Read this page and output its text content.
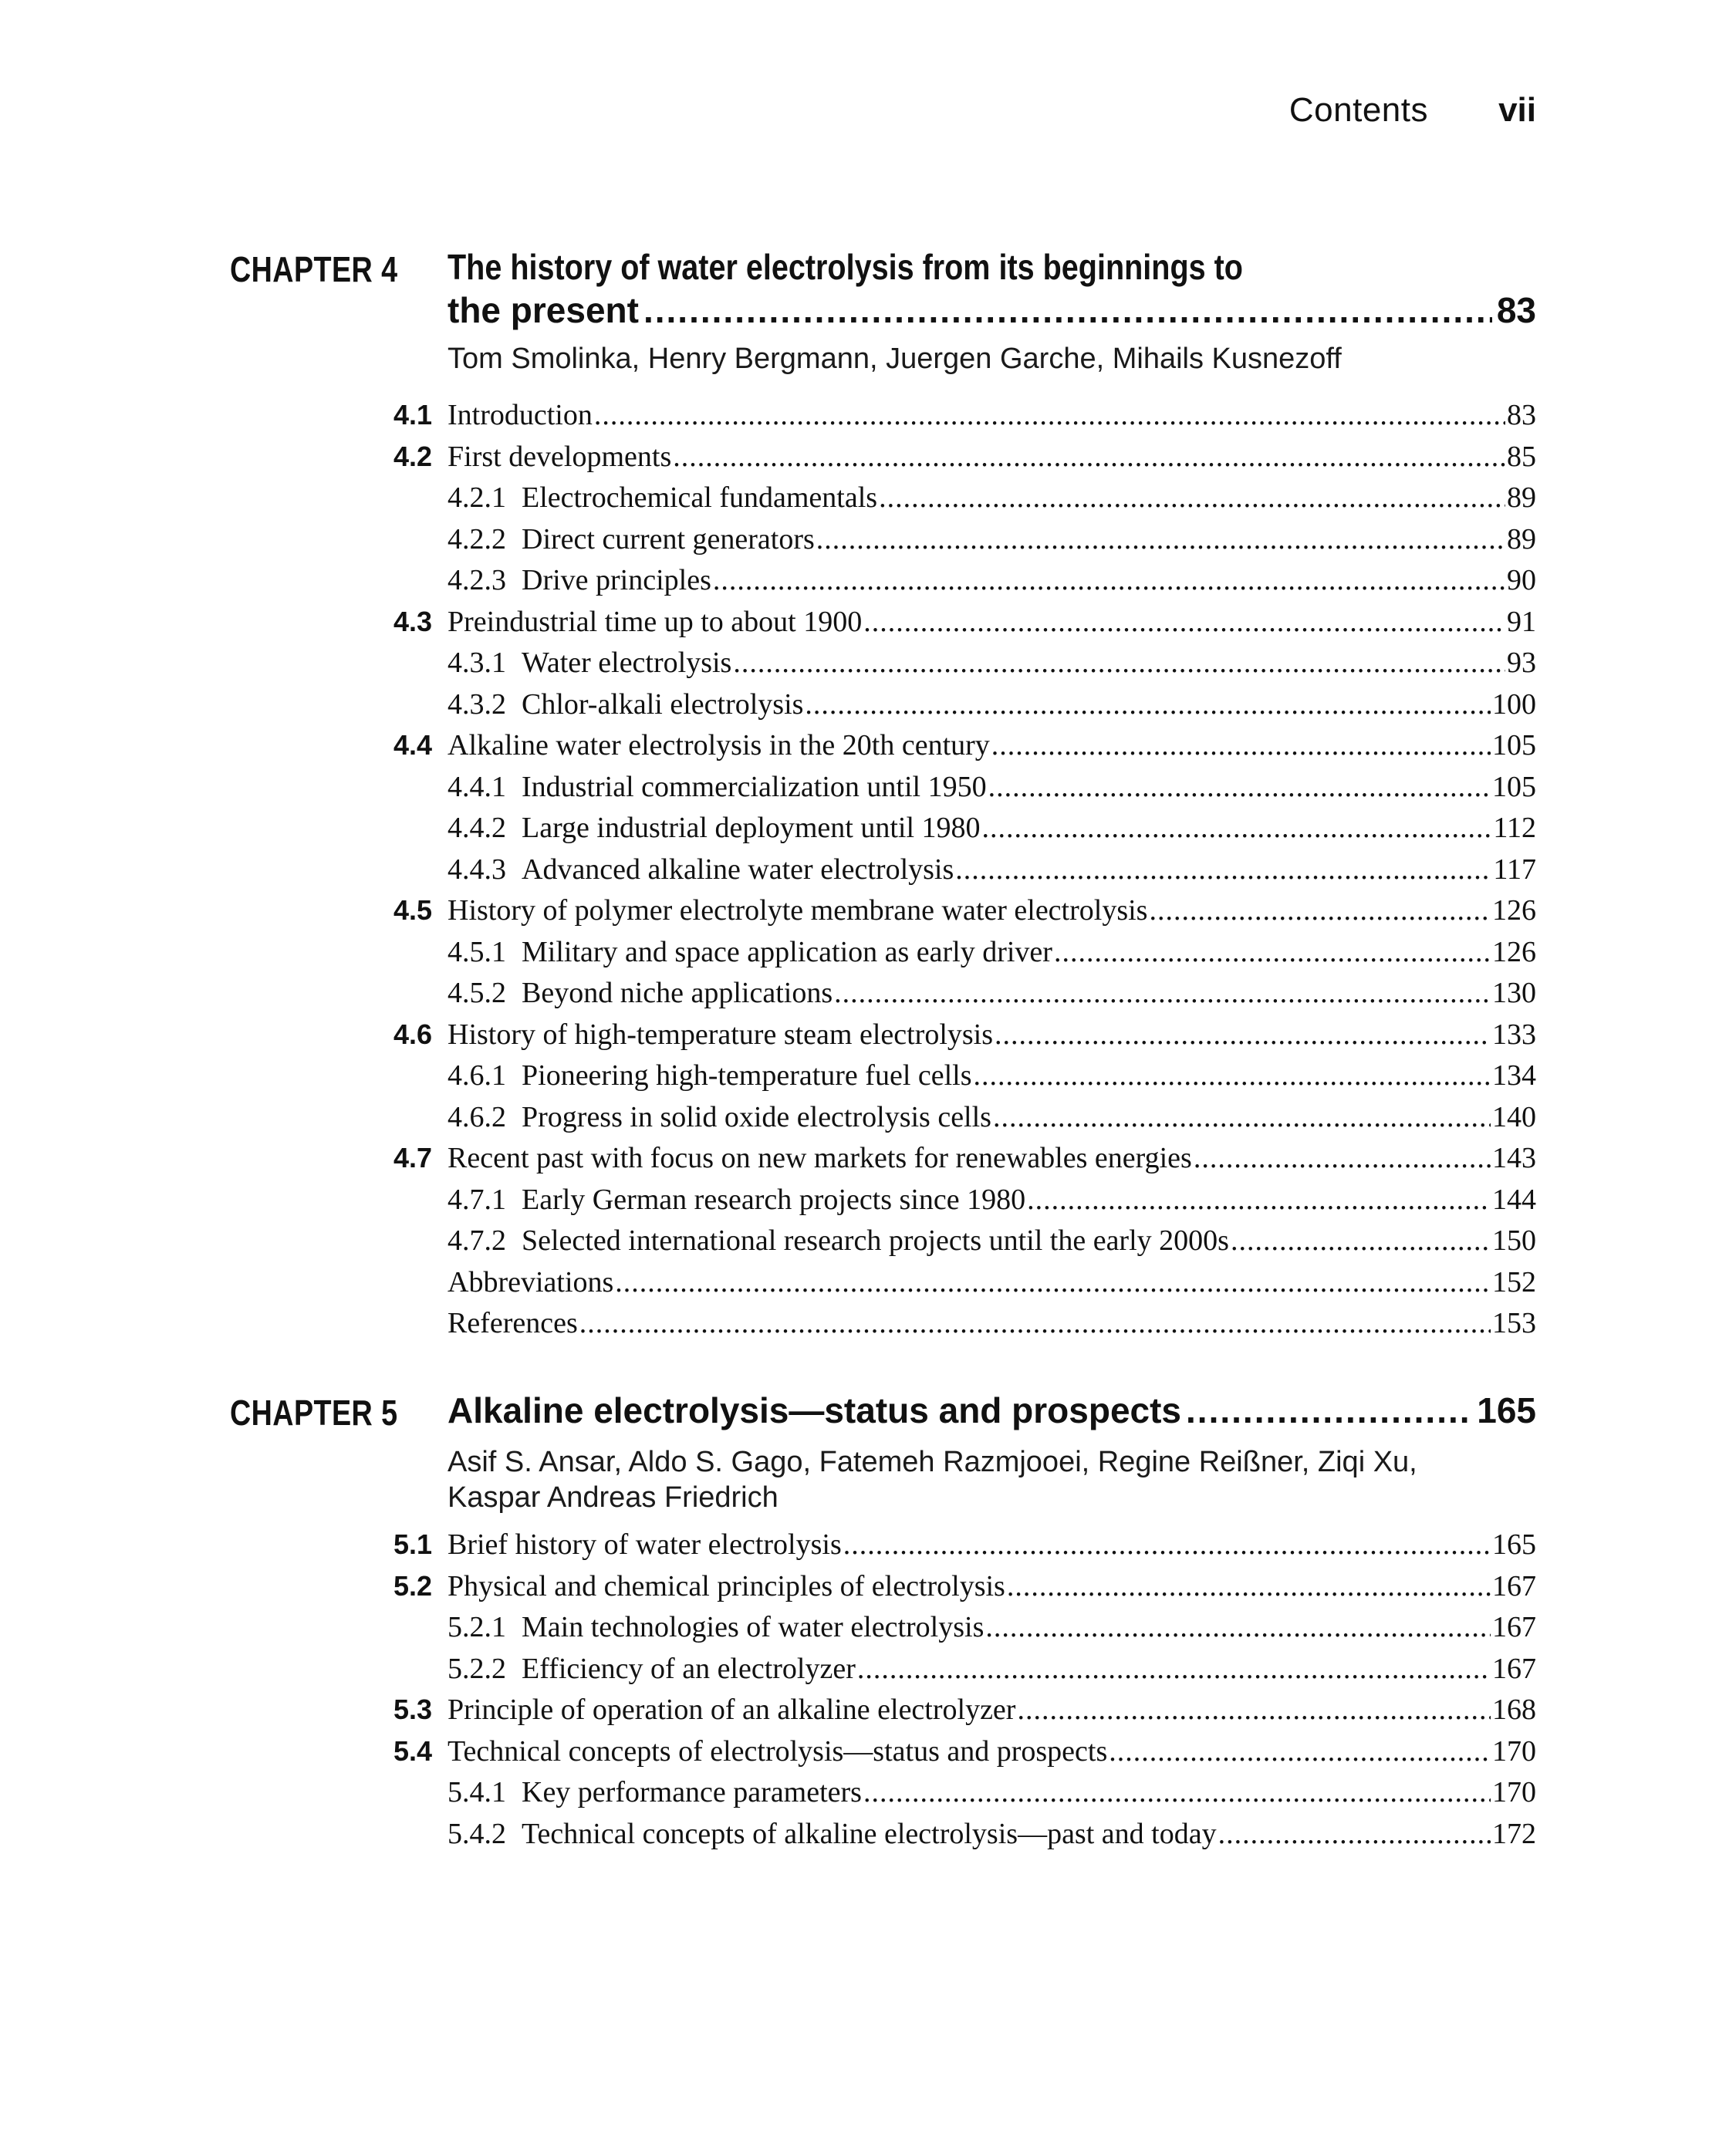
Contents vii
CHAPTER 4 The history of water electrolysis from its beginnings to
the present .....	83
Tom Smolinka, Henry Bergmann, Juergen Garche, Mihails Kusnezoff
4.1 Introduction .....	83
4.2 First developments .....	85
4.2.1 Electrochemical fundamentals .....	89
4.2.2 Direct current generators .....	89
4.2.3 Drive principles .....	90
4.3 Preindustrial time up to about 1900 .....	91
4.3.1 Water electrolysis .....	93
4.3.2 Chlor-alkali electrolysis .....	100
4.4 Alkaline water electrolysis in the 20th century .....	105
4.4.1 Industrial commercialization until 1950 .....	105
4.4.2 Large industrial deployment until 1980 .....	112
4.4.3 Advanced alkaline water electrolysis .....	117
4.5 History of polymer electrolyte membrane water electrolysis .....	126
4.5.1 Military and space application as early driver .....	126
4.5.2 Beyond niche applications .....	130
4.6 History of high-temperature steam electrolysis .....	133
4.6.1 Pioneering high-temperature fuel cells .....	134
4.6.2 Progress in solid oxide electrolysis cells .....	140
4.7 Recent past with focus on new markets for renewables energies .....	143
4.7.1 Early German research projects since 1980 .....	144
4.7.2 Selected international research projects until the early 2000s .....	150
Abbreviations .....	152
References .....	153
CHAPTER 5 Alkaline electrolysis—status and prospects .....	165
Asif S. Ansar, Aldo S. Gago, Fatemeh Razmjooei, Regine Reißner, Ziqi Xu,
Kaspar Andreas Friedrich
5.1 Brief history of water electrolysis .....	165
5.2 Physical and chemical principles of electrolysis .....	167
5.2.1 Main technologies of water electrolysis .....	167
5.2.2 Efficiency of an electrolyzer .....	167
5.3 Principle of operation of an alkaline electrolyzer .....	168
5.4 Technical concepts of electrolysis—status and prospects .....	170
5.4.1 Key performance parameters .....	170
5.4.2 Technical concepts of alkaline electrolysis—past and today .....	172
